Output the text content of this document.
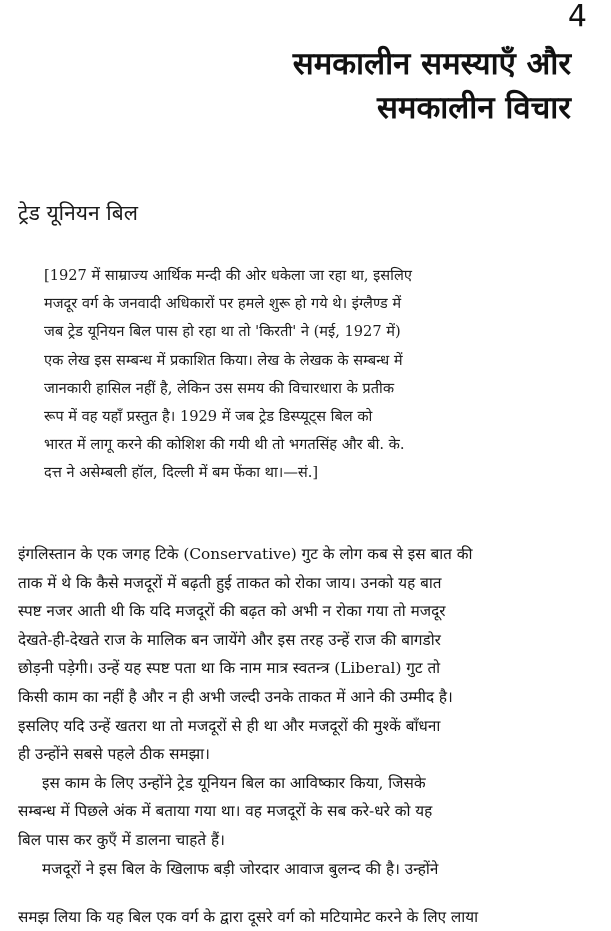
4
समकालीन समस्याएँ और
समकालीन विचार
ट्रेड यूनियन बिल
[1927 में साम्राज्य आर्थिक मन्दी की ओर धकेला जा रहा था, इसलिए
मजदूर वर्ग के जनवादी अधिकारों पर हमले शुरू हो गये थे। इंग्लैण्ड में
जब ट्रेड यूनियन बिल पास हो रहा था तो 'किरती' ने (मई, 1927 में)
एक लेख इस सम्बन्ध में प्रकाशित किया। लेख के लेखक के सम्बन्ध में
जानकारी हासिल नहीं है, लेकिन उस समय की विचारधारा के प्रतीक
रूप में वह यहाँ प्रस्तुत है। 1929 में जब ट्रेड डिस्प्यूट्स बिल को
भारत में लागू करने की कोशिश की गयी थी तो भगतसिंह और बी. के.
दत्त ने असेम्बली हॉल, दिल्ली में बम फेंका था।—सं.]
इंगलिस्तान के एक जगह टिके (Conservative) गुट के लोग कब से इस बात की
ताक में थे कि कैसे मजदूरों में बढ़ती हुई ताकत को रोका जाय। उनको यह बात
स्पष्ट नजर आती थी कि यदि मजदूरों की बढ़त को अभी न रोका गया तो मजदूर
देखते-ही-देखते राज के मालिक बन जायेंगे और इस तरह उन्हें राज की बागडोर
छोड़नी पड़ेगी। उन्हें यह स्पष्ट पता था कि नाम मात्र स्वतन्त्र (Liberal) गुट तो
किसी काम का नहीं है और न ही अभी जल्दी उनके ताकत में आने की उम्मीद है।
इसलिए यदि उन्हें खतरा था तो मजदूरों से ही था और मजदूरों की मुश्कें बाँधना
ही उन्होंने सबसे पहले ठीक समझा।
इस काम के लिए उन्होंने ट्रेड यूनियन बिल का आविष्कार किया, जिसके
सम्बन्ध में पिछले अंक में बताया गया था। वह मजदूरों के सब करे-धरे को यह
बिल पास कर कुएँ में डालना चाहते हैं।
मजदूरों ने इस बिल के खिलाफ बड़ी जोरदार आवाज बुलन्द की है। उन्होंने
समझ लिया कि यह बिल एक वर्ग के द्वारा दूसरे वर्ग को मटियामेट करने के लिए लाया
